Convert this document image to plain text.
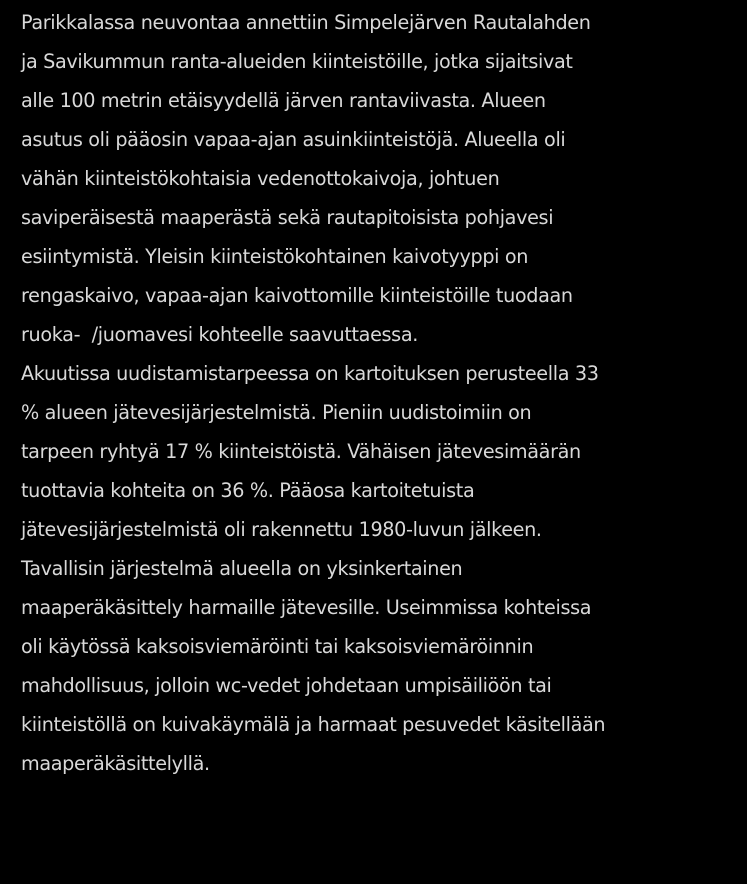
Parikkalassa neuvontaa annettiin Simpelejärven Rautalahden
ja Savikummun ranta-alueiden kiinteistöille, jotka sijaitsivat
alle 100 metrin etäisyydellä järven rantaviivasta. Alueen
asutus oli pääosin vapaa-ajan asuinkiinteistöjä. Alueella oli
vähän kiinteistökohtaisia vedenottokaivoja, johtuen
saviperäisestä maaperästä sekä rautapitoisista pohjavesi
esiintymistä. Yleisin kiinteistökohtainen kaivotyyppi on
rengaskaivo, vapaa-ajan kaivottomille kiinteistöille tuodaan
ruoka-  /juomavesi kohteelle saavuttaessa.
Akuutissa uudistamistarpeessa on kartoituksen perusteella 33
% alueen jätevesijärjestelmistä. Pieniin uudistoimiin on
tarpeen ryhtyä 17 % kiinteistöistä. Vähäisen jätevesimäärän
tuottavia kohteita on 36 %. Pääosa kartoitetuista
jätevesijärjestelmistä oli rakennettu 1980-luvun jälkeen.
Tavallisin järjestelmä alueella on yksinkertainen
maaperäkäsittely harmaille jätevesille. Useimmissa kohteissa
oli käytössä kaksoisviemäröinti tai kaksoisviemäröinnin
mahdollisuus, jolloin wc-vedet johdetaan umpisäiliöön tai
kiinteistöllä on kuivakäymälä ja harmaat pesuvedet käsitellään
maaperäkäsittelyllä.
